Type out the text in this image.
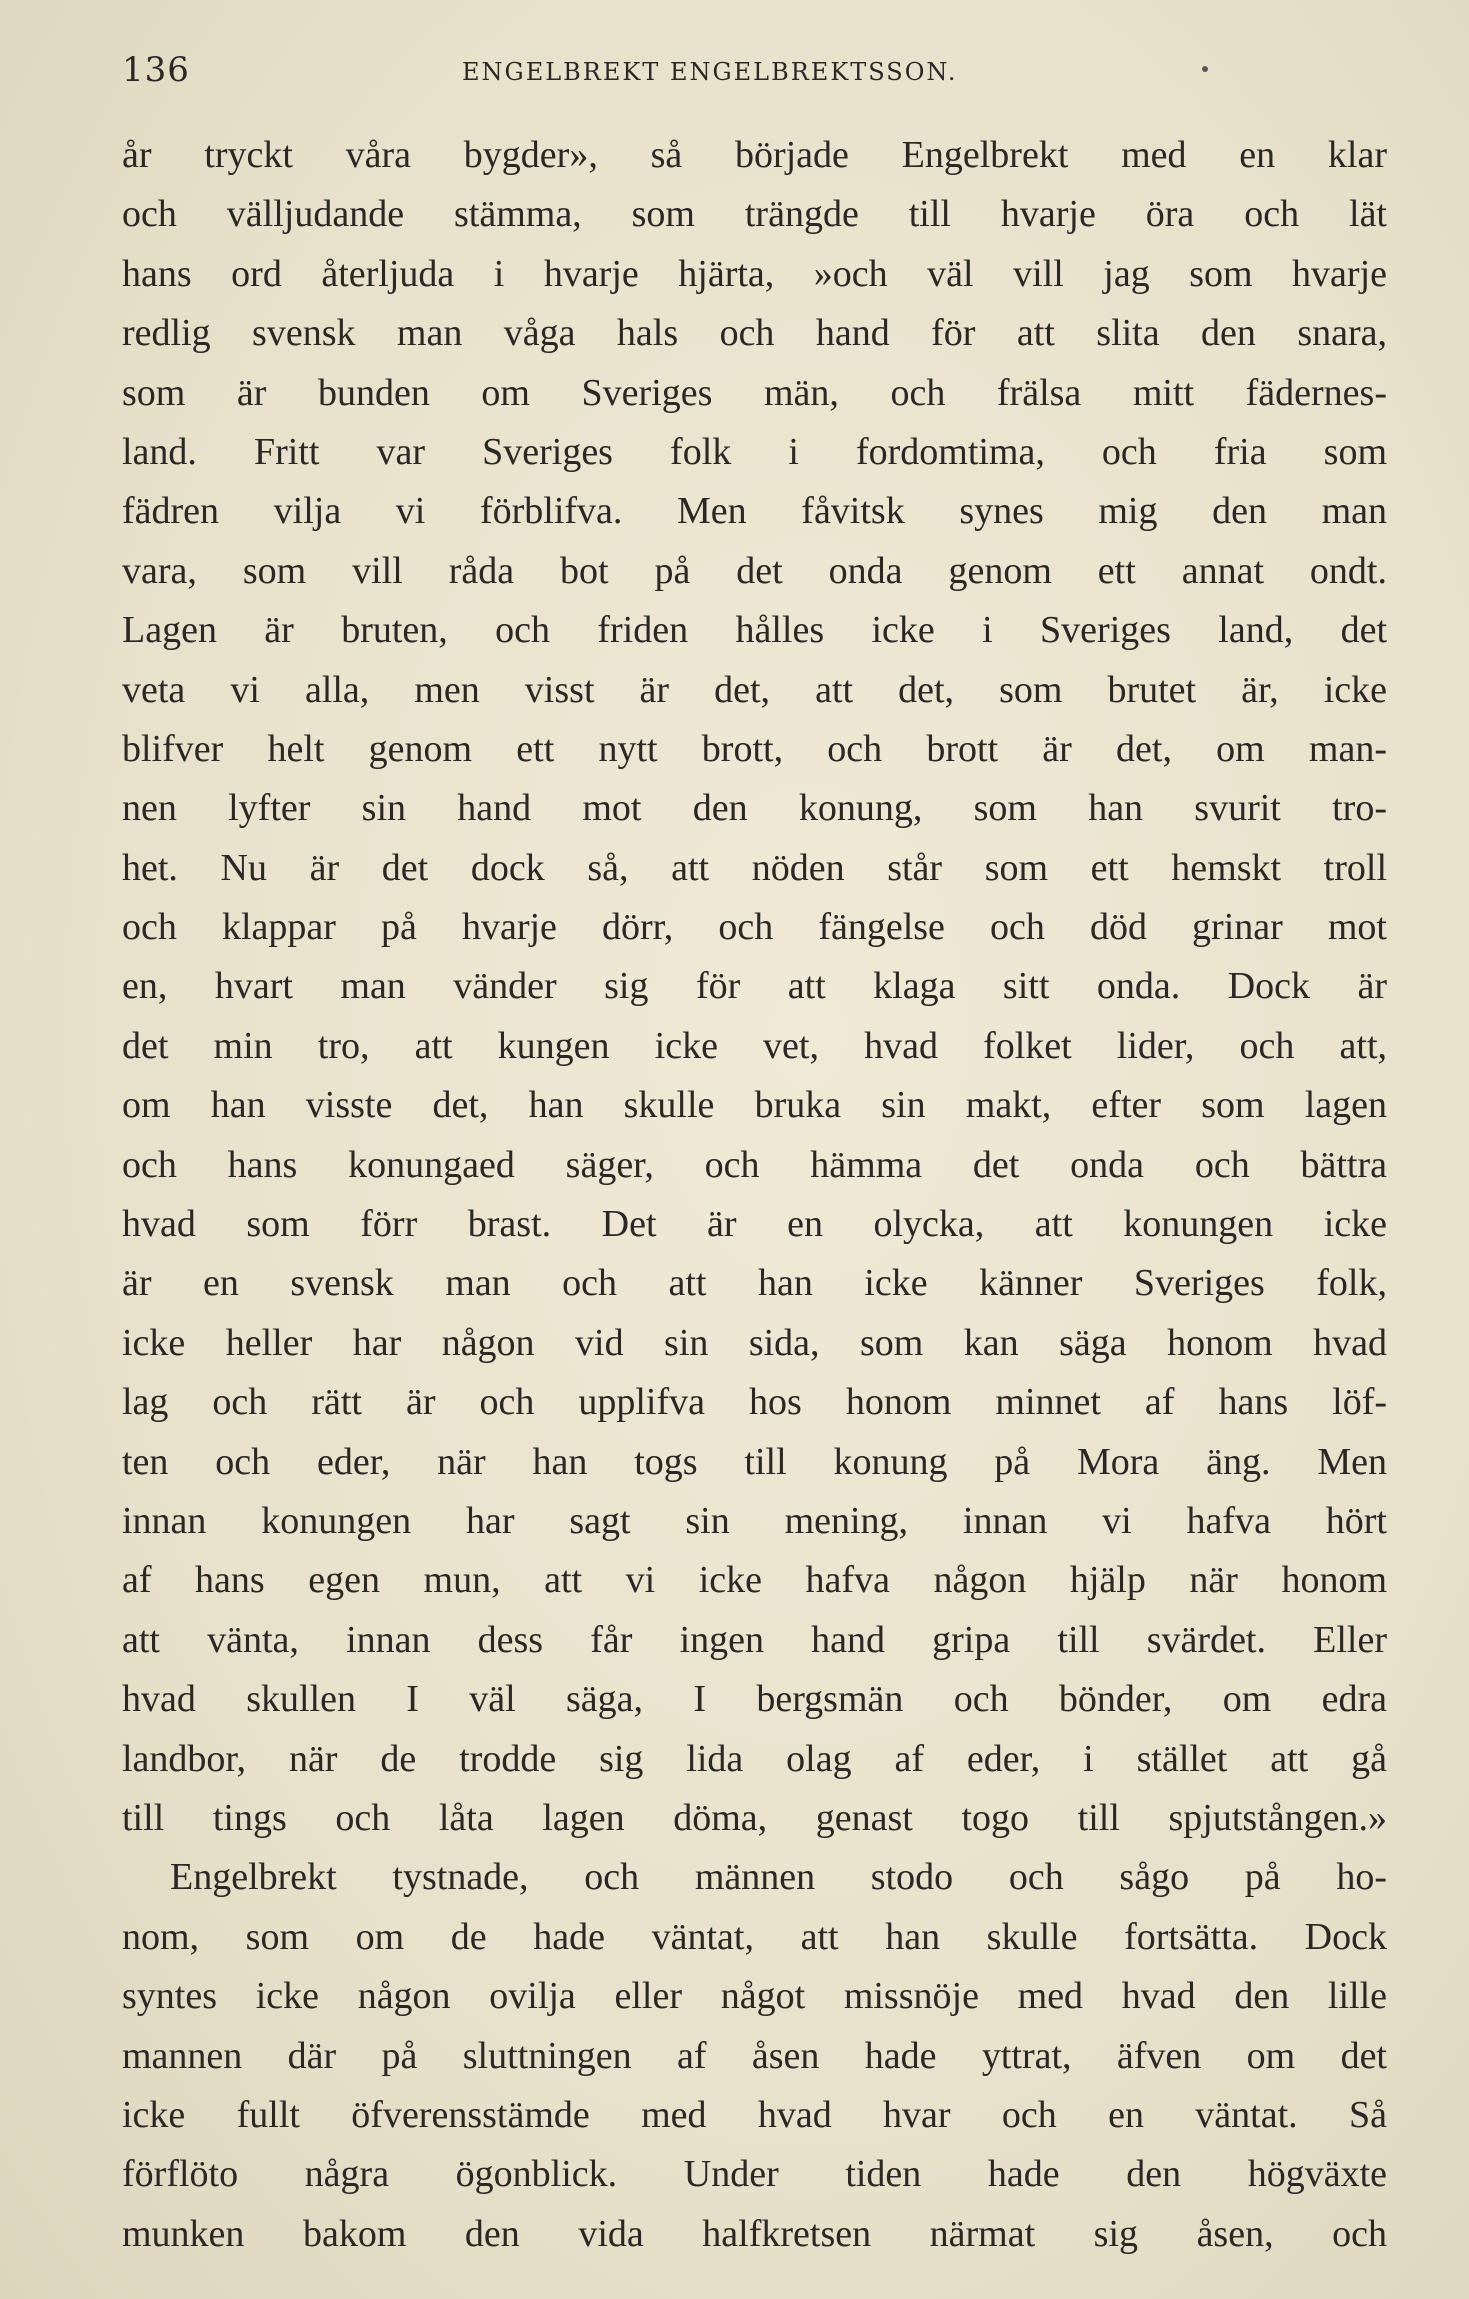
136	ENGELBREKT ENGELBREKTSSON.
år tryckt våra bygder», så började Engelbrekt med en klar
och välljudande stämma, som trängde till hvarje öra och lät
hans ord återljuda i hvarje hjärta, »och väl vill jag som hvarje
redlig svensk man våga hals och hand för att slita den snara,
som är bunden om Sveriges män, och frälsa mitt fädernes-
land. Fritt var Sveriges folk i fordomtima, och fria som
fädren vilja vi förblifva. Men fåvitsk synes mig den man
vara, som vill råda bot på det onda genom ett annat ondt.
Lagen är bruten, och friden hålles icke i Sveriges land, det
veta vi alla, men visst är det, att det, som brutet är, icke
blifver helt genom ett nytt brott, och brott är det, om man-
nen lyfter sin hand mot den konung, som han svurit tro-
het. Nu är det dock så, att nöden står som ett hemskt troll
och klappar på hvarje dörr, och fängelse och död grinar mot
en, hvart man vänder sig för att klaga sitt onda. Dock är
det min tro, att kungen icke vet, hvad folket lider, och att,
om han visste det, han skulle bruka sin makt, efter som lagen
och hans konungaed säger, och hämma det onda och bättra
hvad som förr brast. Det är en olycka, att konungen icke
är en svensk man och att han icke känner Sveriges folk,
icke heller har någon vid sin sida, som kan säga honom hvad
lag och rätt är och upplifva hos honom minnet af hans löf-
ten och eder, när han togs till konung på Mora äng. Men
innan konungen har sagt sin mening, innan vi hafva hört
af hans egen mun, att vi icke hafva någon hjälp när honom
att vänta, innan dess får ingen hand gripa till svärdet. Eller
hvad skullen I väl säga, I bergsmän och bönder, om edra
landbor, när de trodde sig lida olag af eder, i stället att gå
till tings och låta lagen döma, genast togo till spjutstången.»
Engelbrekt tystnade, och männen stodo och sågo på ho-
nom, som om de hade väntat, att han skulle fortsätta. Dock
syntes icke någon ovilja eller något missnöje med hvad den lille
mannen där på sluttningen af åsen hade yttrat, äfven om det
icke fullt öfverensstämde med hvad hvar och en väntat. Så
förflöto några ögonblick. Under tiden hade den högväxte
munken bakom den vida halfkretsen närmat sig åsen, och
